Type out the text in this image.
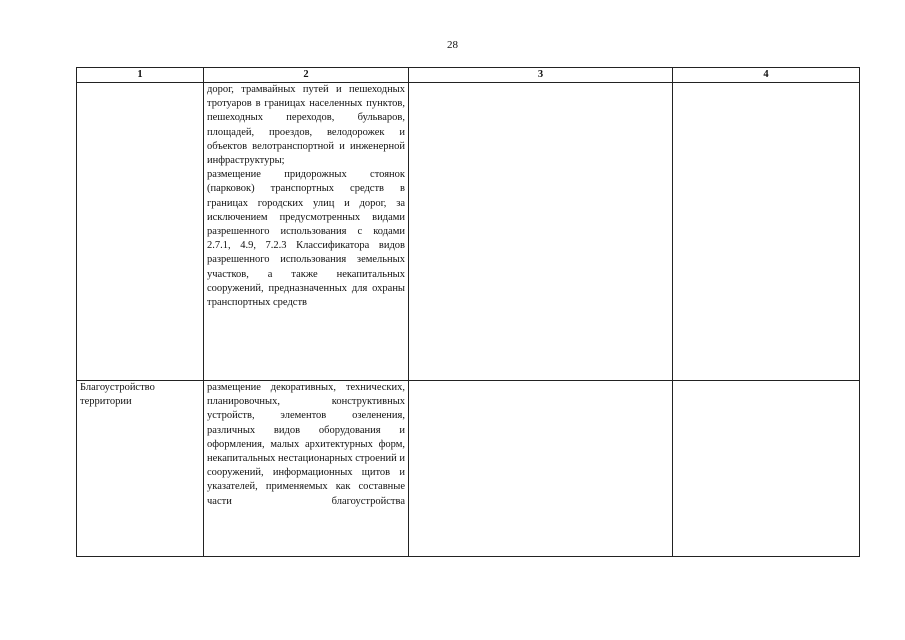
28
1	2	3	4

	дорог, трамвайных путей и пешеходных тротуаров в границах населенных пунктов, пешеходных переходов, бульваров, площадей, проездов, велодорожек и объектов велотранспортной и инженерной инфраструктуры;
размещение придорожных стоянок (парковок) транспортных средств в границах городских улиц и дорог, за исключением предусмотренных видами разрешенного использования с кодами 2.7.1, 4.9, 7.2.3 Классификатора видов разрешенного использования земельных участков, а также некапитальных сооружений, предназначенных для охраны транспортных средств		

Благоустройство территории	размещение декоративных, технических, планировочных, конструктивных устройств, элементов озеленения, различных видов оборудования и оформления, малых архитектурных форм, некапитальных нестационарных строений и сооружений, информационных щитов и указателей, применяемых как составные части благоустройства		
